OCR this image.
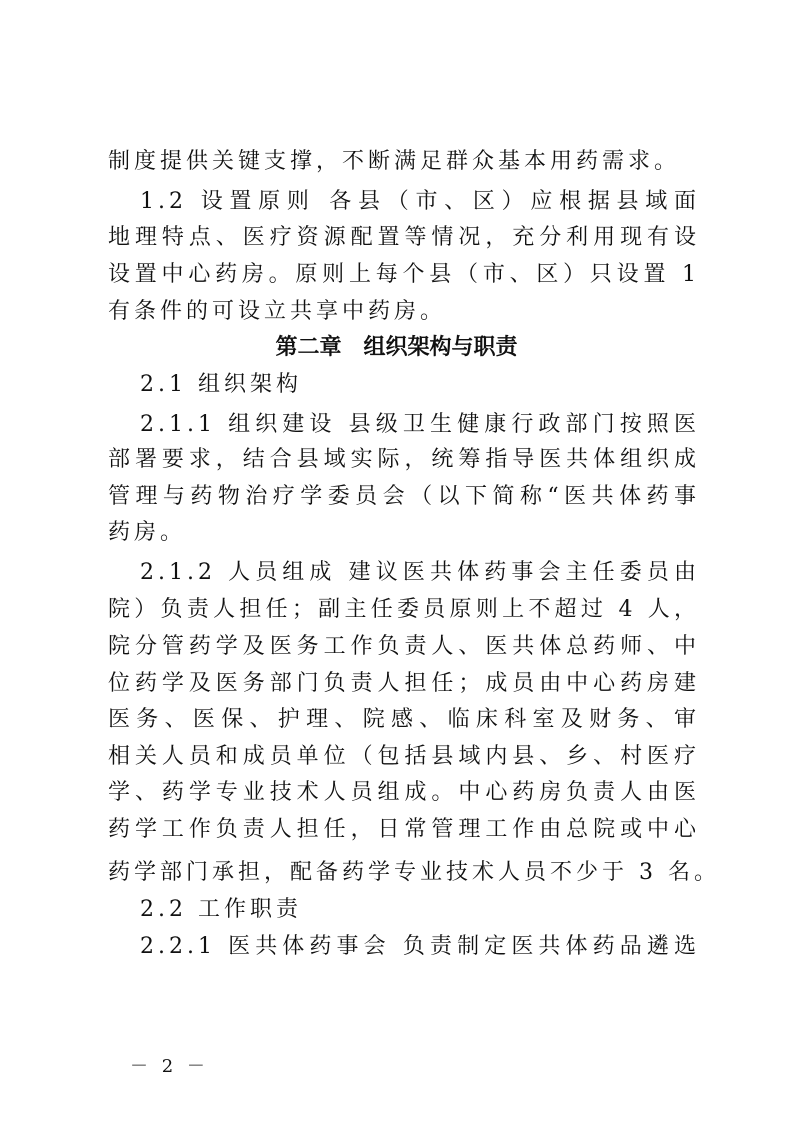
制度提供关键支撑，不断满足群众基本用药需求。
1.2 设置原则 各县（市、区）应根据县域面
地理特点、医疗资源配置等情况，充分利用现有设
设置中心药房。原则上每个县（市、区）只设置 1
有条件的可设立共享中药房。
第二章　组织架构与职责
2.1 组织架构
2.1.1 组织建设 县级卫生健康行政部门按照医
部署要求，结合县域实际，统筹指导医共体组织成
管理与药物治疗学委员会（以下简称“医共体药事
药房。
2.1.2 人员组成 建议医共体药事会主任委员由
院）负责人担任；副主任委员原则上不超过 4 人，
院分管药学及医务工作负责人、医共体总药师、中
位药学及医务部门负责人担任；成员由中心药房建
医务、医保、护理、院感、临床科室及财务、审
相关人员和成员单位（包括县域内县、乡、村医疗
学、药学专业技术人员组成。中心药房负责人由医
药学工作负责人担任，日常管理工作由总院或中心
药学部门承担，配备药学专业技术人员不少于 3 名。
2.2 工作职责
2.2.1 医共体药事会 负责制定医共体药品遴选
－ 2 －
